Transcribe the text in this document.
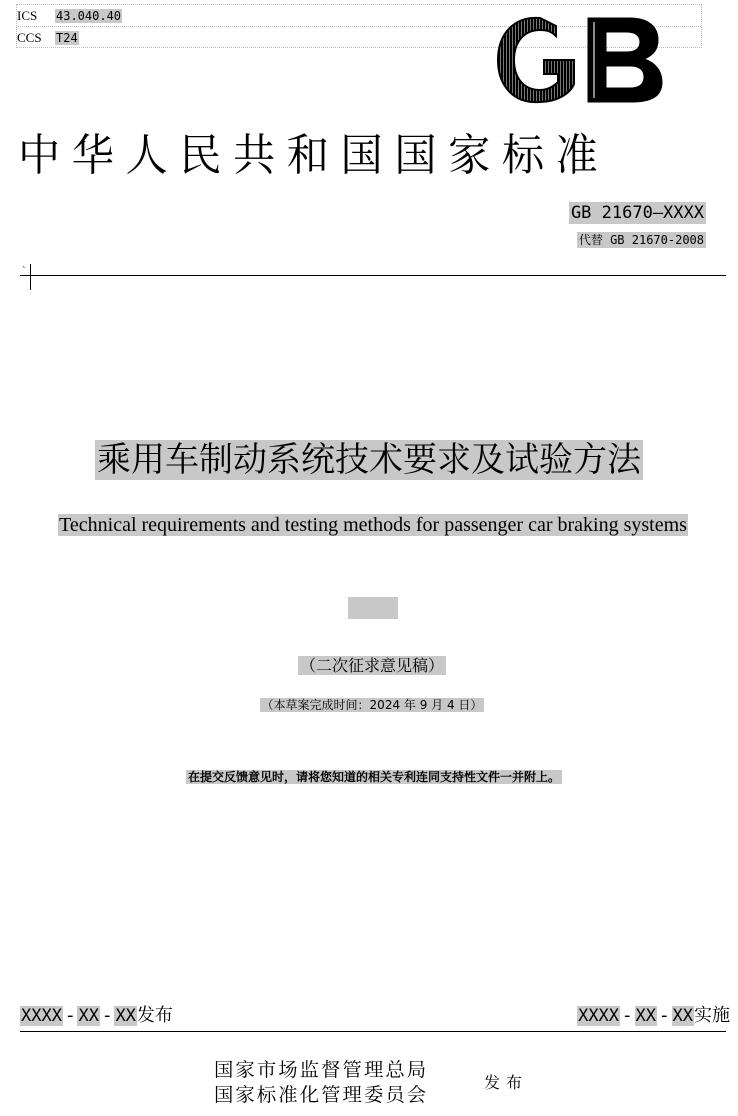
ICS 43.040.40
CCS T24
中华人民共和国国家标准
GB 21670—XXXX
代替 GB 21670-2008
`
乘用车制动系统技术要求及试验方法
Technical requirements and testing methods for passenger car braking systems
（二次征求意见稿）
（本草案完成时间：2024 年 9 月 4 日）
在提交反馈意见时，请将您知道的相关专利连同支持性文件一并附上。
XXXX - XX - XX发布	XXXX - XX - XX实施
国家市场监督管理总局
国家标准化管理委员会
发布
